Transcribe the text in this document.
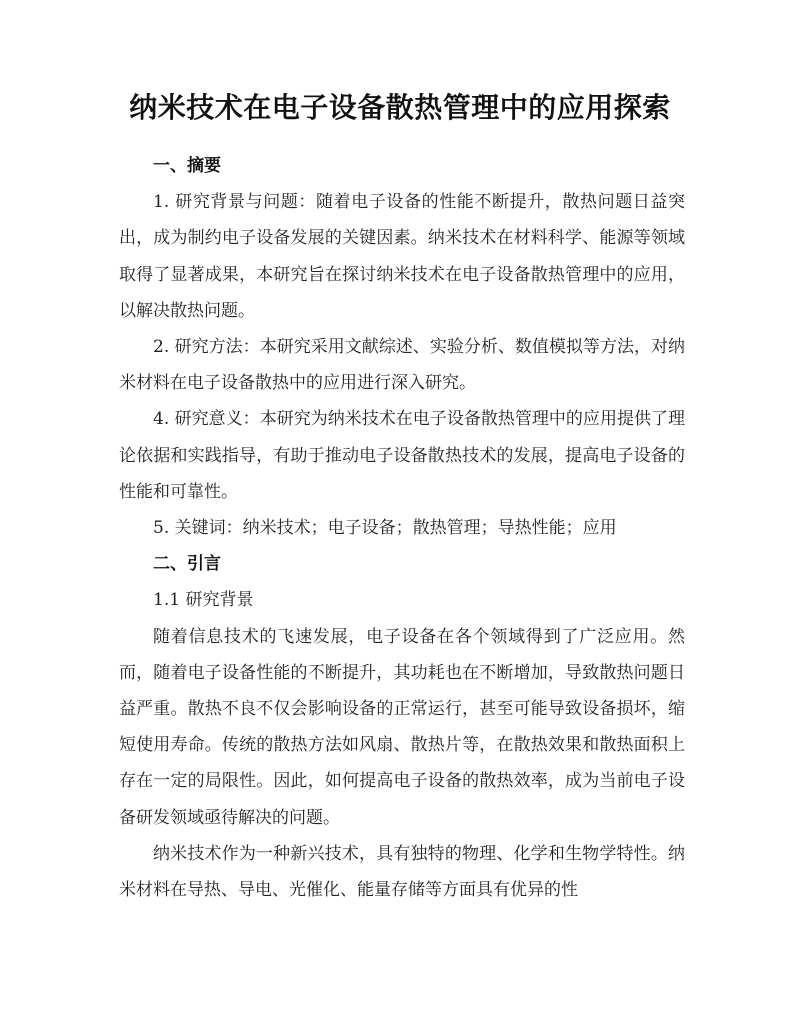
纳米技术在电子设备散热管理中的应用探索
一、摘要

1. 研究背景与问题：随着电子设备的性能不断提升，散热问题日益突出，成为制约电子设备发展的关键因素。纳米技术在材料科学、能源等领域取得了显著成果，本研究旨在探讨纳米技术在电子设备散热管理中的应用，以解决散热问题。

2. 研究方法：本研究采用文献综述、实验分析、数值模拟等方法，对纳米材料在电子设备散热中的应用进行深入研究。

4. 研究意义：本研究为纳米技术在电子设备散热管理中的应用提供了理论依据和实践指导，有助于推动电子设备散热技术的发展，提高电子设备的性能和可靠性。

5. 关键词：纳米技术；电子设备；散热管理；导热性能；应用

二、引言

1.1 研究背景

随着信息技术的飞速发展，电子设备在各个领域得到了广泛应用。然而，随着电子设备性能的不断提升，其功耗也在不断增加，导致散热问题日益严重。散热不良不仅会影响设备的正常运行，甚至可能导致设备损坏，缩短使用寿命。传统的散热方法如风扇、散热片等，在散热效果和散热面积上存在一定的局限性。因此，如何提高电子设备的散热效率，成为当前电子设备研发领域亟待解决的问题。

纳米技术作为一种新兴技术，具有独特的物理、化学和生物学特性。纳米材料在导热、导电、光催化、能量存储等方面具有优异的性
